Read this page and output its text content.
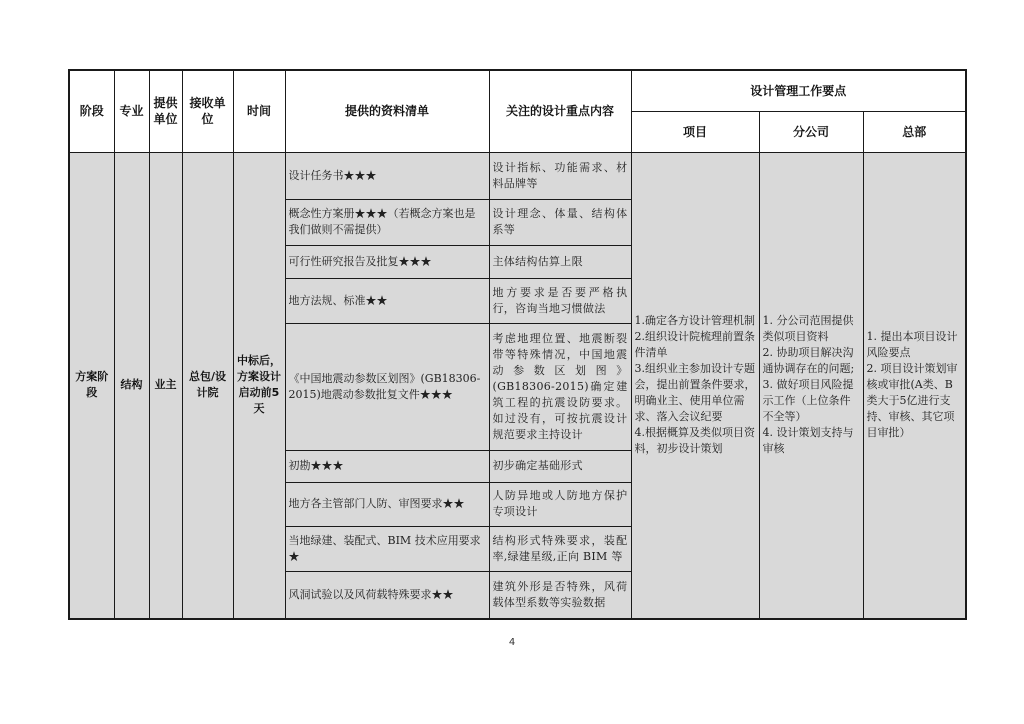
阶段	专业	提供单位	接收单位	时间	提供的资料清单	关注的设计重点内容	设计管理工作要点		
							项目	分公司	总部
方案阶段	结构	业主	总包/设计院	中标后，方案设计启动前5天	设计任务书★★★	设计指标、功能需求、材料品牌等	1.确定各方设计管理机制
2.组织设计院梳理前置条件清单
3.组织业主参加设计专题会，提出前置条件要求，明确业主、使用单位需求、落入会议纪要
4.根据概算及类似项目资料，初步设计策划	1. 分公司范围提供类似项目资料
2. 协助项目解决沟通协调存在的问题;
3. 做好项目风险提示工作（上位条件不全等）
4. 设计策划支持与审核	1. 提出本项目设计风险要点
2. 项目设计策划审核或审批(A类、B类大于5亿进行支持、审核、其它项目审批）

					概念性方案册★★★（若概念方案也是我们做则不需提供）	设计理念、体量、结构体系等			
					可行性研究报告及批复★★★	主体结构估算上限			
					地方法规、标准★★	地方要求是否要严格执行，咨询当地习惯做法			
					《中国地震动参数区划图》(GB18306-2015)地震动参数批复文件★★★	考虑地理位置、地震断裂带等特殊情况，中国地震动参数区划图》(GB18306-2015)确定建筑工程的抗震设防要求。如过没有，可按抗震设计规范要求主持设计			
					初勘★★★	初步确定基础形式			
					地方各主管部门人防、审图要求★★	人防异地或人防地方保护专项设计			
					当地绿建、装配式、BIM 技术应用要求★	结构形式特殊要求，装配率,绿建星级,正向 BIM 等			
					风洞试验以及风荷载特殊要求★★	建筑外形是否特殊，风荷载体型系数等实验数据			
4
